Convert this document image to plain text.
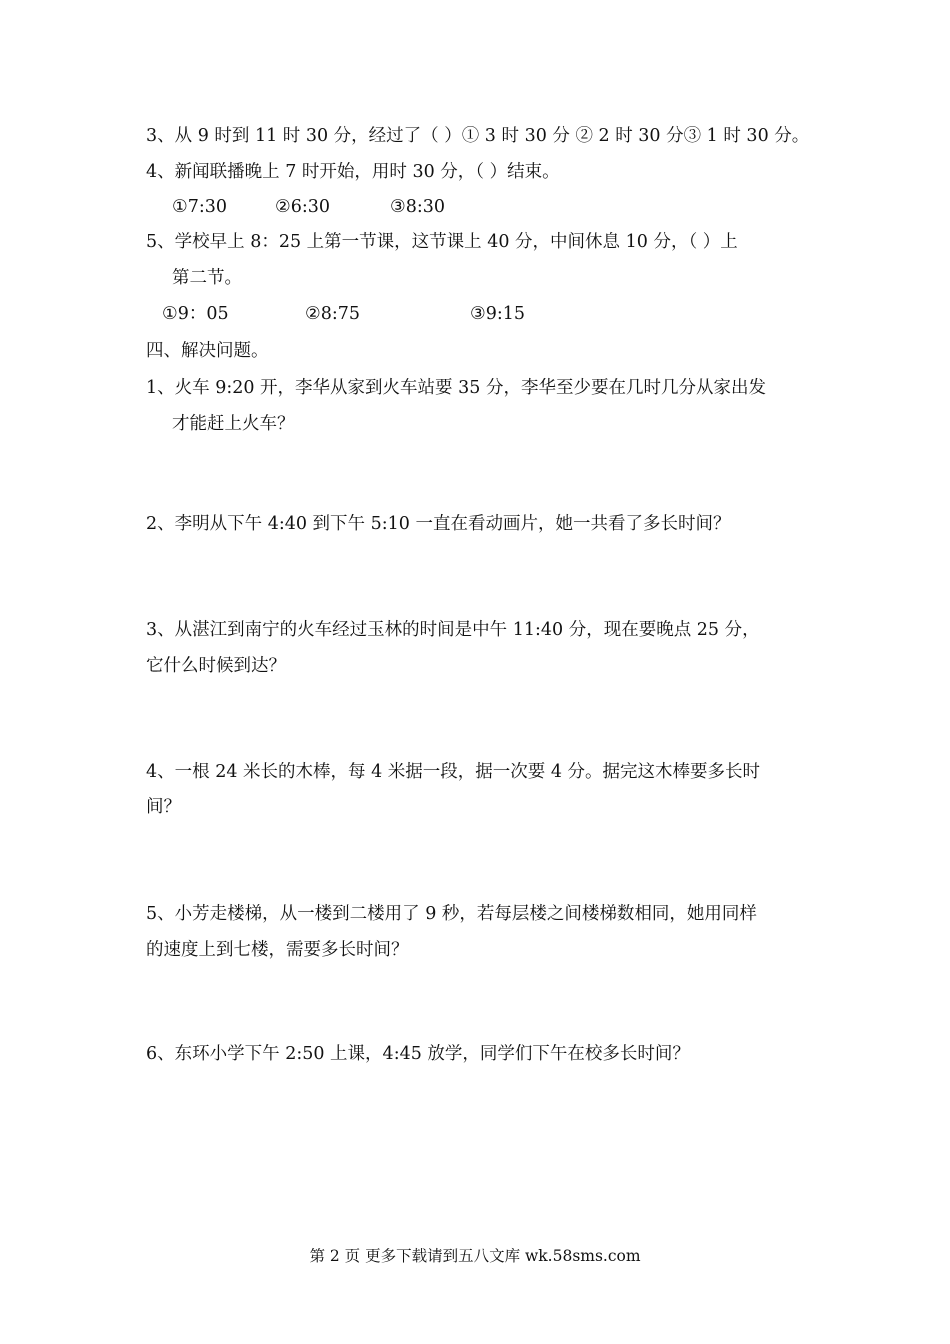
3、从 9 时到 11 时 30 分，经过了（ ）① 3 时 30 分 ② 2 时 30 分③ 1 时 30 分。
4、新闻联播晚上 7 时开始，用时 30 分，（ ）结束。
①7:30	②6:30	③8:30
5、学校早上 8：25 上第一节课，这节课上 40 分，中间休息 10 分，（ ）上
第二节。
①9：05	②8:75	③9:15
四、解决问题。
1、火车 9:20 开，李华从家到火车站要 35 分，李华至少要在几时几分从家出发
才能赶上火车？
2、李明从下午 4:40 到下午 5:10 一直在看动画片，她一共看了多长时间？
3、从湛江到南宁的火车经过玉林的时间是中午 11:40 分，现在要晚点 25 分，
它什么时候到达？
4、一根 24 米长的木棒，每 4 米据一段，据一次要 4 分。据完这木棒要多长时
间？
5、小芳走楼梯，从一楼到二楼用了 9 秒，若每层楼之间楼梯数相同，她用同样
的速度上到七楼，需要多长时间？
6、东环小学下午 2:50 上课，4:45 放学，同学们下午在校多长时间？
第 2 页 更多下载请到五八文库 wk.58sms.com
